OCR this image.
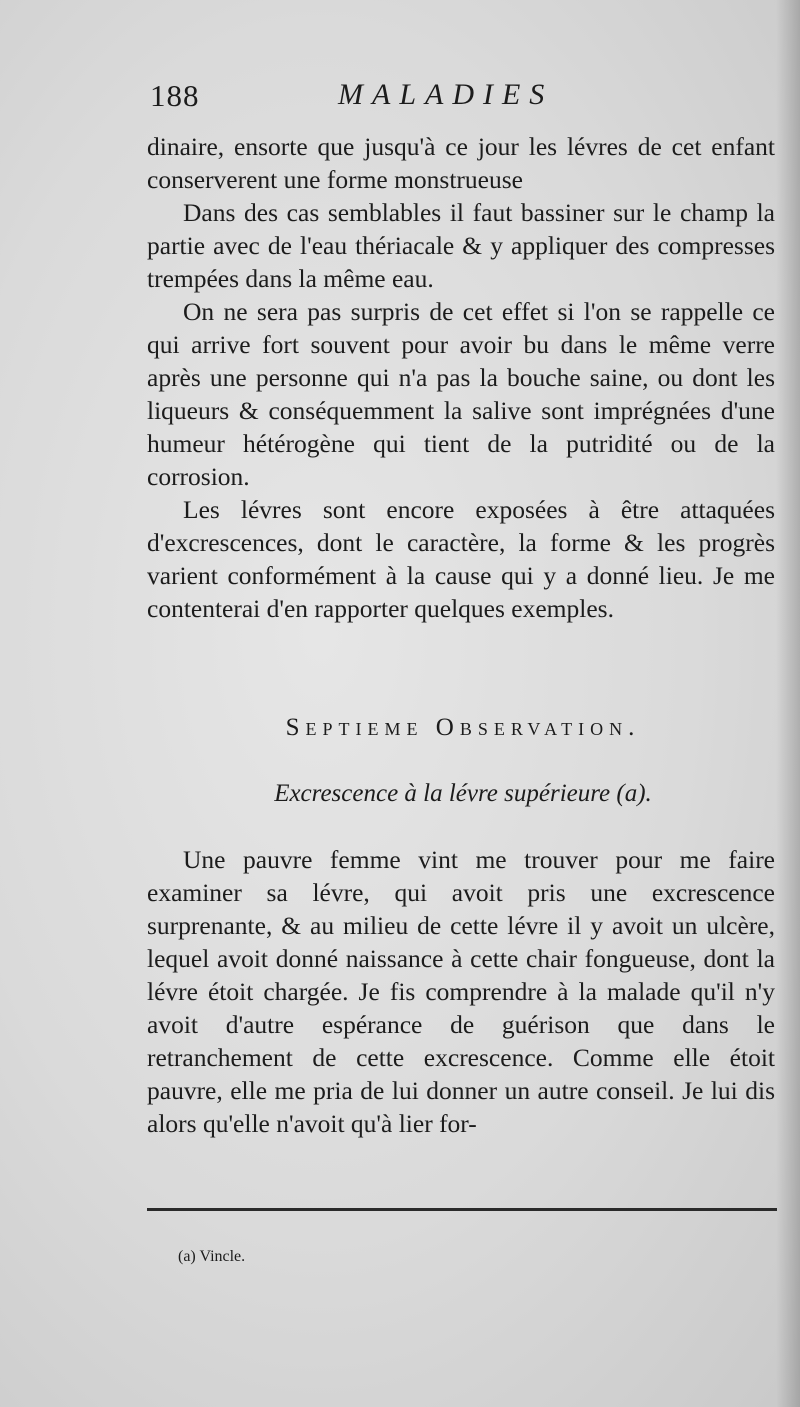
188	MALADIES

dinaire, ensorte que jusqu'à ce jour les lévres de cet enfant conserverent une forme monstrueuse

Dans des cas semblables il faut bassiner sur le champ la partie avec de l'eau thériacale & y appliquer des compresses trempées dans la même eau.

On ne sera pas surpris de cet effet si l'on se rappelle ce qui arrive fort souvent pour avoir bu dans le même verre après une personne qui n'a pas la bouche saine, ou dont les liqueurs & conséquemment la salive sont imprégnées d'une humeur hétérogène qui tient de la putridité ou de la corrosion.

Les lévres sont encore exposées à être attaquées d'excrescences, dont le caractère, la forme & les progrès varient conformément à la cause qui y a donné lieu. Je me contenterai d'en rapporter quelques exemples.

Septieme Observation.
Excrescence à la lévre supérieure (a).

Une pauvre femme vint me trouver pour me faire examiner sa lévre, qui avoit pris une excrescence surprenante, & au milieu de cette lévre il y avoit un ulcère, lequel avoit donné naissance à cette chair fongueuse, dont la lévre étoit chargée. Je fis comprendre à la malade qu'il n'y avoit d'autre espérance de guérison que dans le retranchement de cette excrescence. Comme elle étoit pauvre, elle me pria de lui donner un autre conseil. Je lui dis alors qu'elle n'avoit qu'à lier for-

(a) Vincle.
